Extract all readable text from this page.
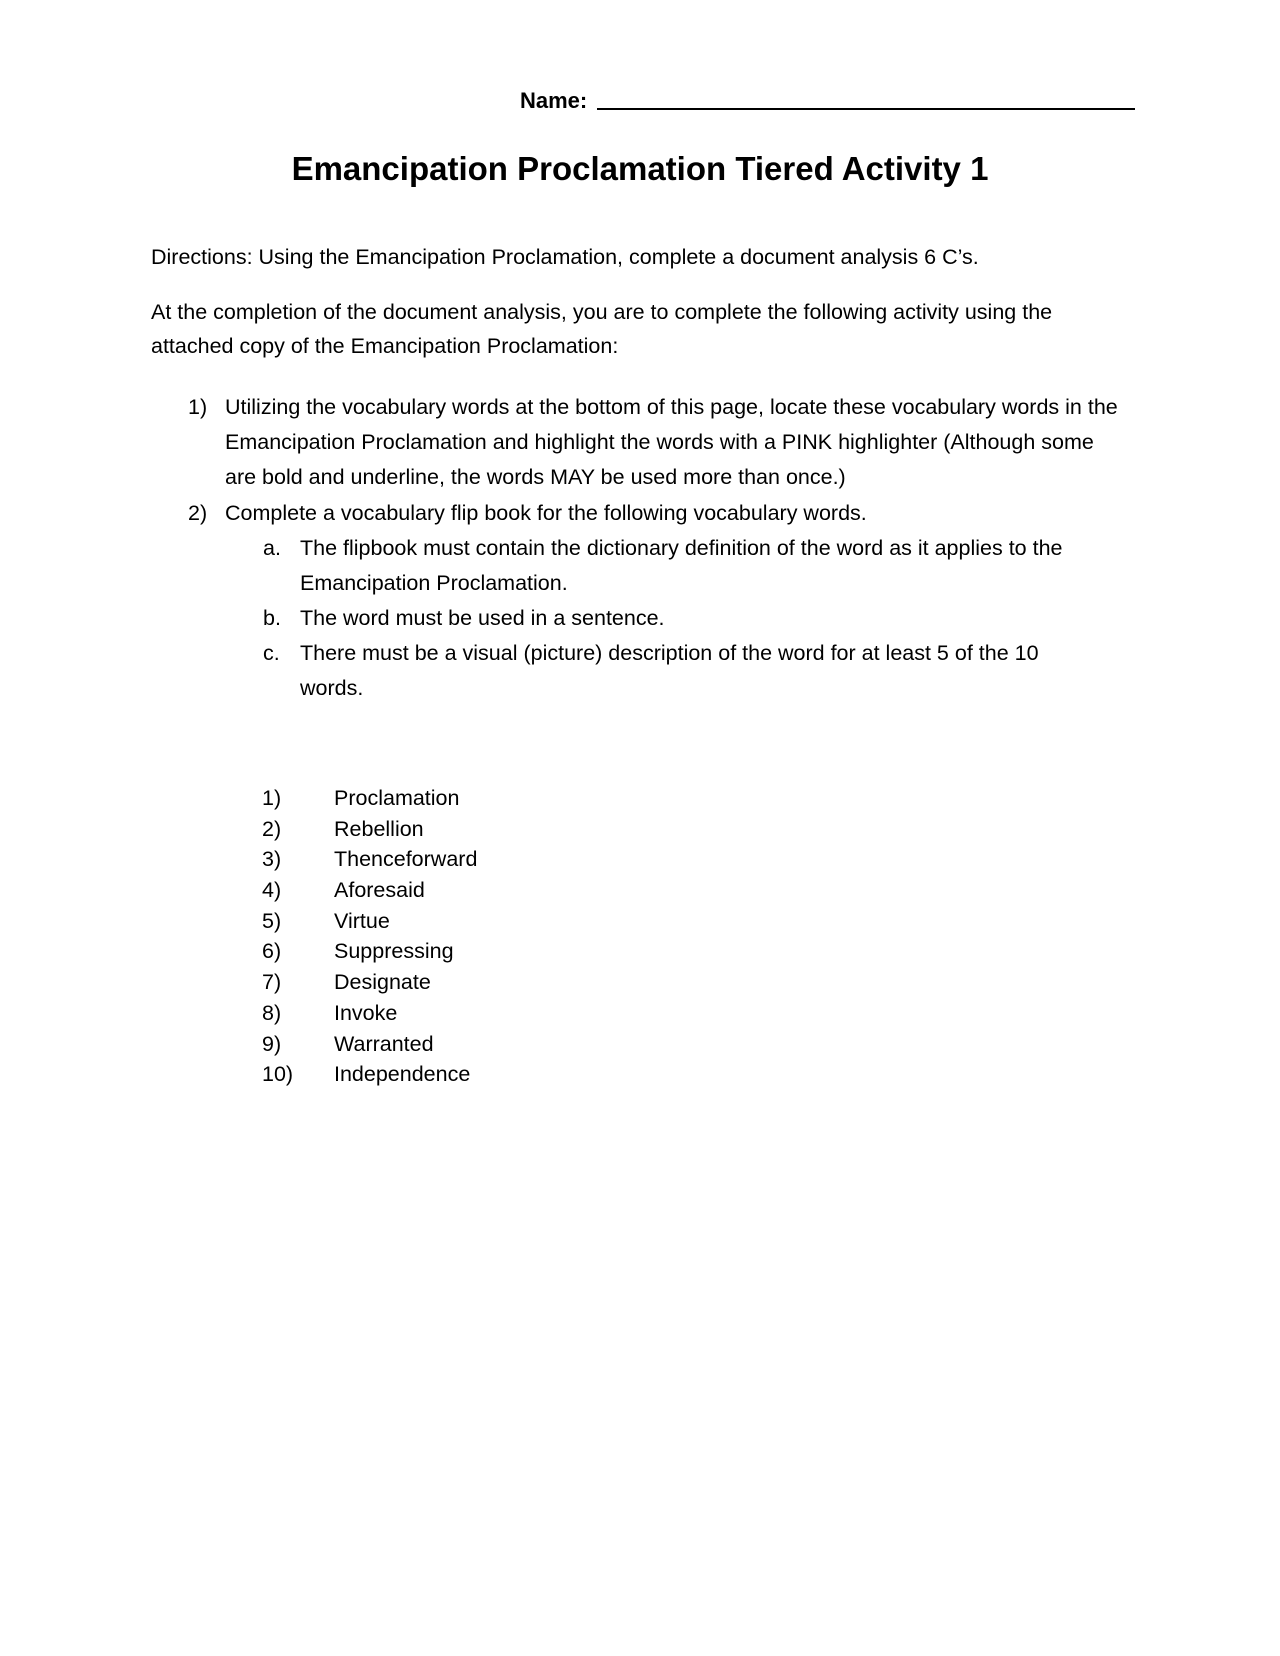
Name:
Emancipation Proclamation Tiered Activity 1
Directions: Using the Emancipation Proclamation, complete a document analysis 6 C’s.
At the completion of the document analysis, you are to complete the following activity using the attached copy of the Emancipation Proclamation:
1) Utilizing the vocabulary words at the bottom of this page, locate these vocabulary words in the Emancipation Proclamation and highlight the words with a PINK highlighter (Although some are bold and underline, the words MAY be used more than once.)
2) Complete a vocabulary flip book for the following vocabulary words.
a. The flipbook must contain the dictionary definition of the word as it applies to the Emancipation Proclamation.
b. The word must be used in a sentence.
c. There must be a visual (picture) description of the word for at least 5 of the 10 words.
1) Proclamation
2) Rebellion
3) Thenceforward
4) Aforesaid
5) Virtue
6) Suppressing
7) Designate
8) Invoke
9) Warranted
10) Independence
